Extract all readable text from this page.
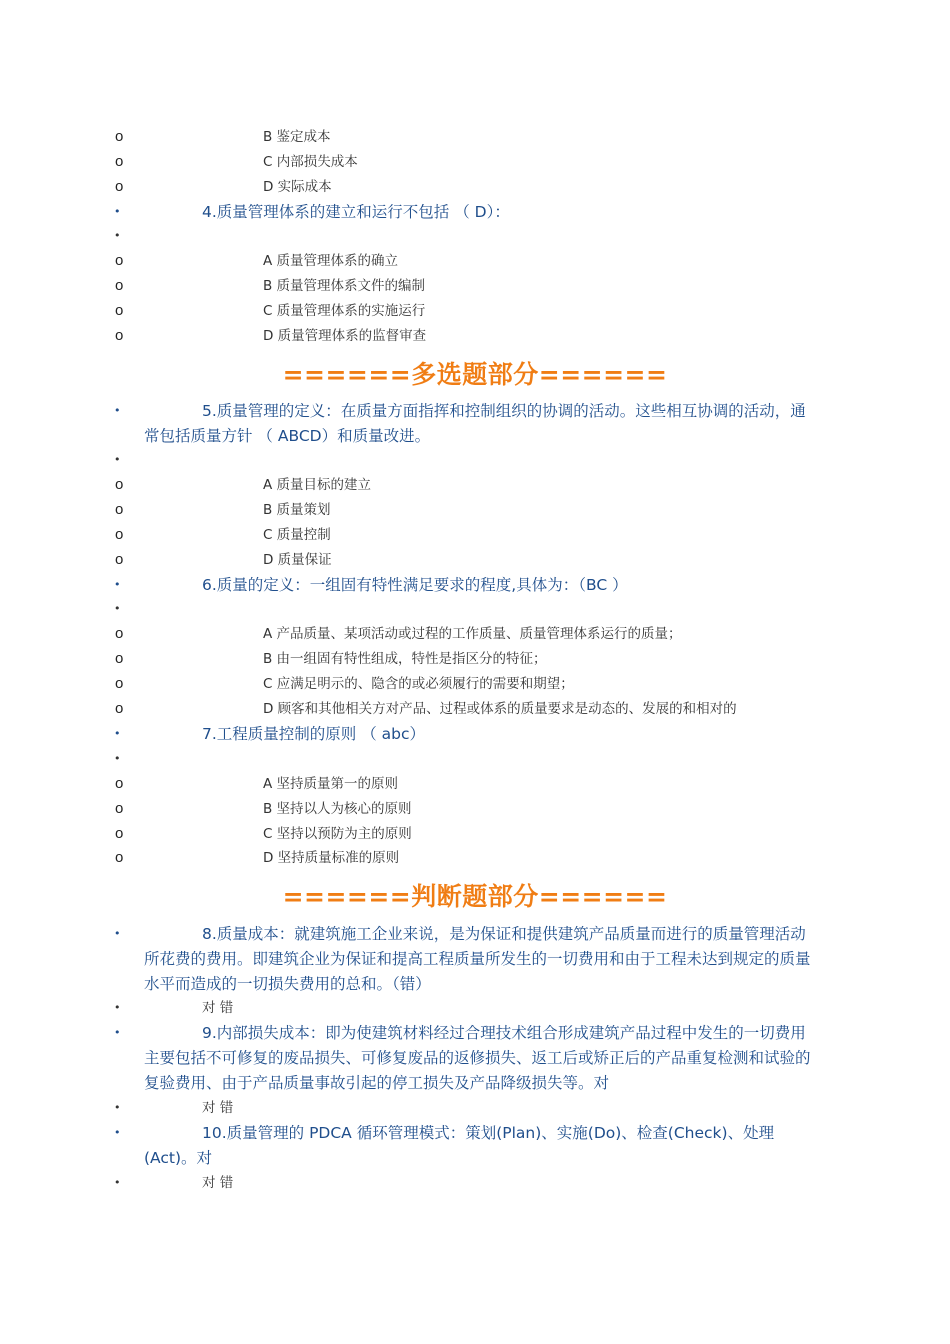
o	B 鉴定成本
o	C 内部损失成本
o	D 实际成本
•	4.质量管理体系的建立和运行不包括 （ D）：
•
o	A 质量管理体系的确立
o	B 质量管理体系文件的编制
o	C 质量管理体系的实施运行
o	D 质量管理体系的监督审查
======多选题部分======
•	5.质量管理的定义：在质量方面指挥和控制组织的协调的活动。这些相互协调的活动，通常包括质量方针 （ ABCD）和质量改进。
•
o	A 质量目标的建立
o	B 质量策划
o	C 质量控制
o	D 质量保证
•	6.质量的定义：一组固有特性满足要求的程度,具体为：（BC ）
•
o	A 产品质量、某项活动或过程的工作质量、质量管理体系运行的质量；
o	B 由一组固有特性组成，特性是指区分的特征；
o	C 应满足明示的、隐含的或必须履行的需要和期望；
o	D 顾客和其他相关方对产品、过程或体系的质量要求是动态的、发展的和相对的
•	7.工程质量控制的原则 （ abc）
•
o	A 坚持质量第一的原则
o	B 坚持以人为核心的原则
o	C 坚持以预防为主的原则
o	D 坚持质量标准的原则
======判断题部分======
•	8.质量成本：就建筑施工企业来说，是为保证和提供建筑产品质量而进行的质量管理活动所花费的费用。即建筑企业为保证和提高工程质量所发生的一切费用和由于工程未达到规定的质量水平而造成的一切损失费用的总和。（错）
•	对 错
•	9.内部损失成本：即为使建筑材料经过合理技术组合形成建筑产品过程中发生的一切费用主要包括不可修复的废品损失、可修复废品的返修损失、返工后或矫正后的产品重复检测和试验的复验费用、由于产品质量事故引起的停工损失及产品降级损失等。对
•	对 错
•	10.质量管理的 PDCA 循环管理模式：策划(Plan)、实施(Do)、检查(Check)、处理(Act)。对
•	对 错
